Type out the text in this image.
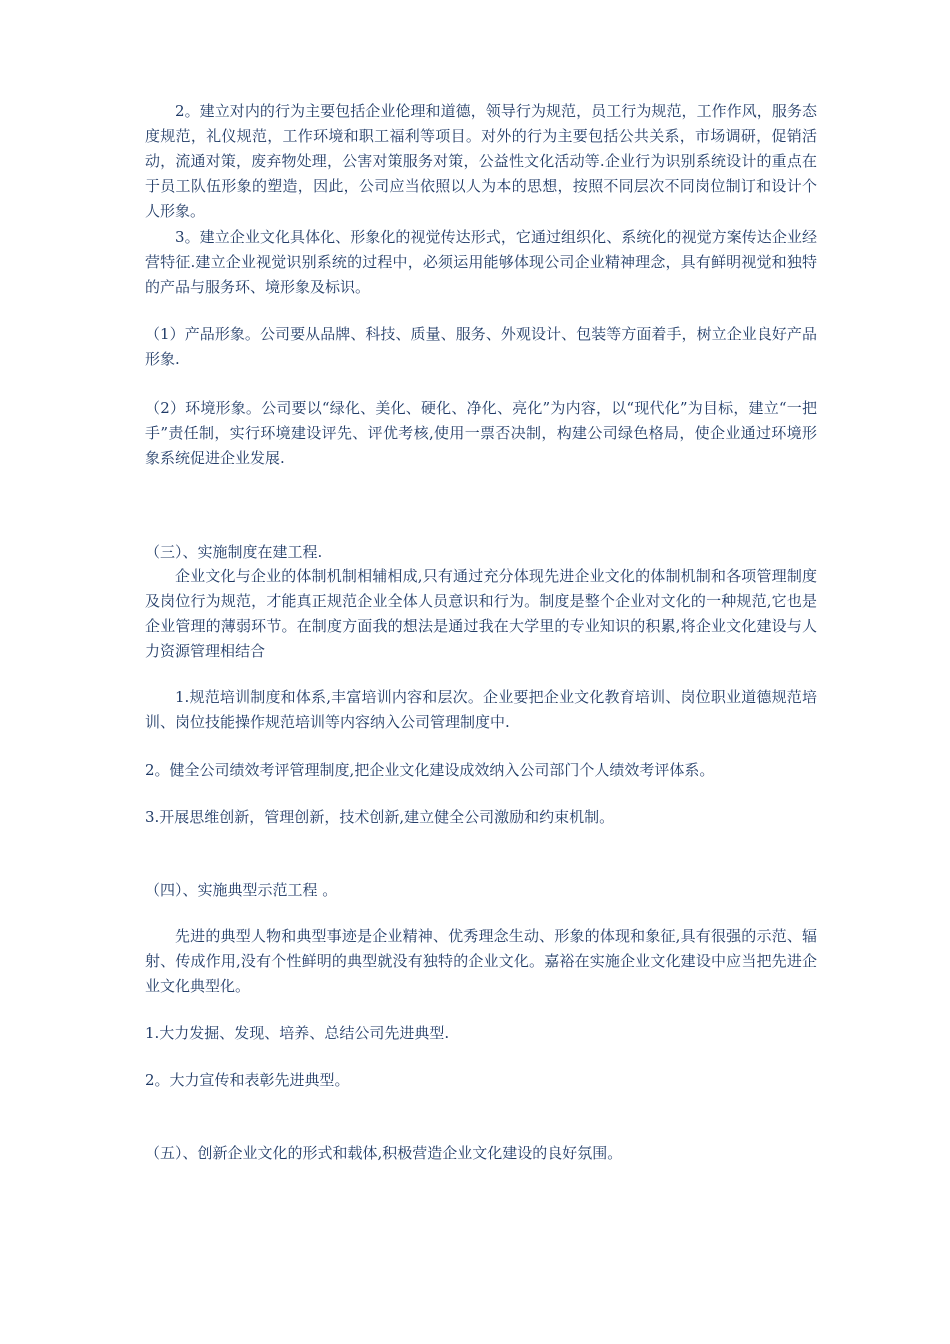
2。建立对内的行为主要包括企业伦理和道德，领导行为规范，员工行为规范，工作作风，服务态度规范，礼仪规范，工作环境和职工福利等项目。对外的行为主要包括公共关系，市场调研，促销活动，流通对策，废弃物处理，公害对策服务对策，公益性文化活动等.企业行为识别系统设计的重点在于员工队伍形象的塑造，因此，公司应当依照以人为本的思想，按照不同层次不同岗位制订和设计个人形象。

3。建立企业文化具体化、形象化的视觉传达形式，它通过组织化、系统化的视觉方案传达企业经营特征.建立企业视觉识别系统的过程中，必须运用能够体现公司企业精神理念，具有鲜明视觉和独特的产品与服务环、境形象及标识。

（1）产品形象。公司要从品牌、科技、质量、服务、外观设计、包装等方面着手，树立企业良好产品形象.

（2）环境形象。公司要以“绿化、美化、硬化、净化、亮化”为内容，以“现代化”为目标，建立“一把手”责任制，实行环境建设评先、评优考核,使用一票否决制，构建公司绿色格局，使企业通过环境形象系统促进企业发展.

（三）、实施制度在建工程.

企业文化与企业的体制机制相辅相成,只有通过充分体现先进企业文化的体制机制和各项管理制度及岗位行为规范，才能真正规范企业全体人员意识和行为。制度是整个企业对文化的一种规范,它也是企业管理的薄弱环节。在制度方面我的想法是通过我在大学里的专业知识的积累,将企业文化建设与人力资源管理相结合

1.规范培训制度和体系,丰富培训内容和层次。企业要把企业文化教育培训、岗位职业道德规范培训、岗位技能操作规范培训等内容纳入公司管理制度中.

2。健全公司绩效考评管理制度,把企业文化建设成效纳入公司部门个人绩效考评体系。

3.开展思维创新，管理创新，技术创新,建立健全公司激励和约束机制。

（四）、实施典型示范工程 。

先进的典型人物和典型事迹是企业精神、优秀理念生动、形象的体现和象征,具有很强的示范、辐射、传成作用,没有个性鲜明的典型就没有独特的企业文化。嘉裕在实施企业文化建设中应当把先进企业文化典型化。

1.大力发掘、发现、培养、总结公司先进典型.

2。大力宣传和表彰先进典型。

（五）、创新企业文化的形式和载体,积极营造企业文化建设的良好氛围。
